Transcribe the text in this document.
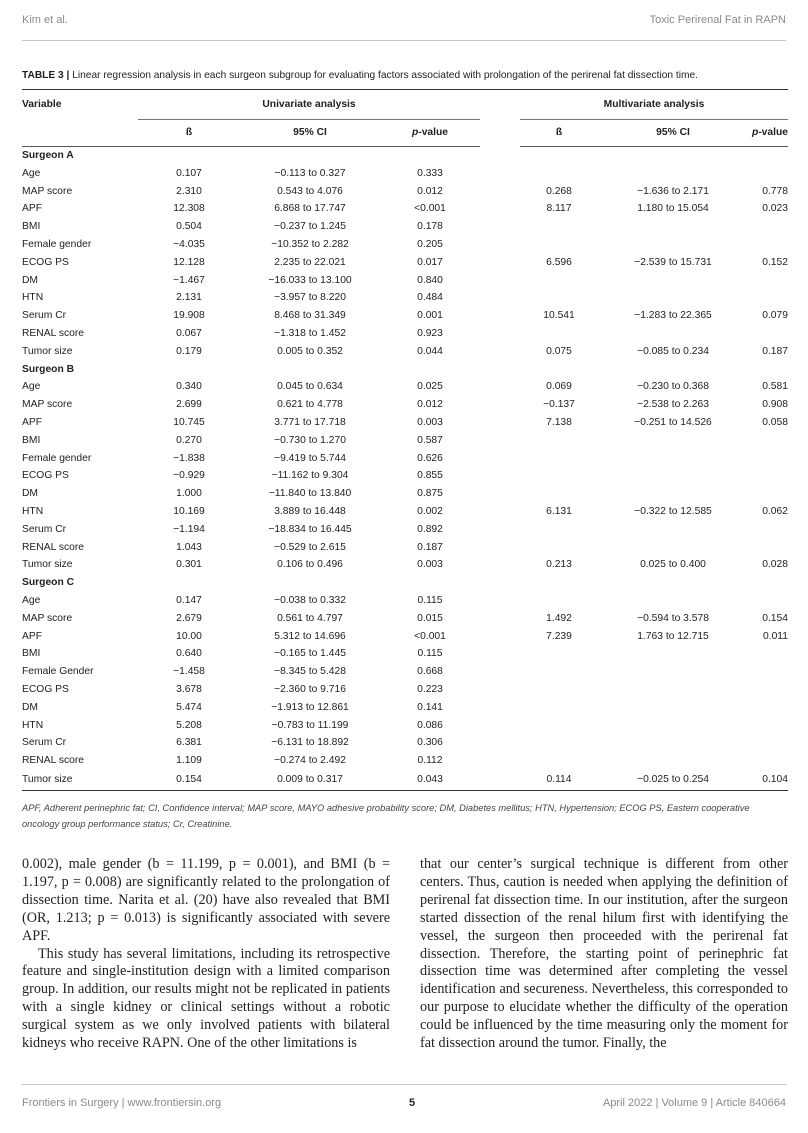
Kim et al.	Toxic Perirenal Fat in RAPN
TABLE 3 | Linear regression analysis in each surgeon subgroup for evaluating factors associated with prolongation of the perirenal fat dissection time.
Variable	Univariate analysis				Multivariate analysis		
	ß	95% CI	p-value		ß	95% CI	p-value
Surgeon A							
Age	0.107	−0.113 to 0.327	0.333				
MAP score	2.310	0.543 to 4.076	0.012		0.268	−1.636 to 2.171	0.778
APF	12.308	6.868 to 17.747	<0.001		8.117	1.180 to 15.054	0.023
BMI	0.504	−0.237 to 1.245	0.178				
Female gender	−4.035	−10.352 to 2.282	0.205				
ECOG PS	12.128	2.235 to 22.021	0.017		6.596	−2.539 to 15.731	0.152
DM	−1.467	−16.033 to 13.100	0.840				
HTN	2.131	−3.957 to 8.220	0.484				
Serum Cr	19.908	8.468 to 31.349	0.001		10.541	−1.283 to 22.365	0.079
RENAL score	0.067	−1.318 to 1.452	0.923				
Tumor size	0.179	0.005 to 0.352	0.044		0.075	−0.085 to 0.234	0.187
Surgeon B							
Age	0.340	0.045 to 0.634	0.025		0.069	−0.230 to 0.368	0.581
MAP score	2.699	0.621 to 4.778	0.012		−0.137	−2.538 to 2.263	0.908
APF	10.745	3.771 to 17.718	0.003		7.138	−0.251 to 14.526	0.058
BMI	0.270	−0.730 to 1.270	0.587				
Female gender	−1.838	−9.419 to 5.744	0.626				
ECOG PS	−0.929	−11.162 to 9.304	0.855				
DM	1.000	−11.840 to 13.840	0.875				
HTN	10.169	3.889 to 16.448	0.002		6.131	−0.322 to 12.585	0.062
Serum Cr	−1.194	−18.834 to 16.445	0.892				
RENAL score	1.043	−0.529 to 2.615	0.187				
Tumor size	0.301	0.106 to 0.496	0.003		0.213	0.025 to 0.400	0.028
Surgeon C							
Age	0.147	−0.038 to 0.332	0.115				
MAP score	2.679	0.561 to 4.797	0.015		1.492	−0.594 to 3.578	0.154
APF	10.00	5.312 to 14.696	<0.001		7.239	1.763 to 12.715	0.011
BMI	0.640	−0.165 to 1.445	0.115				
Female Gender	−1.458	−8.345 to 5.428	0.668				
ECOG PS	3.678	−2.360 to 9.716	0.223				
DM	5.474	−1.913 to 12.861	0.141				
HTN	5.208	−0.783 to 11.199	0.086				
Serum Cr	6.381	−6.131 to 18.892	0.306				
RENAL score	1.109	−0.274 to 2.492	0.112				
Tumor size	0.154	0.009 to 0.317	0.043		0.114	−0.025 to 0.254	0.104
APF, Adherent perinephric fat; CI, Confidence interval; MAP score, MAYO adhesive probability score; DM, Diabetes mellitus; HTN, Hypertension; ECOG PS, Eastern cooperative oncology group performance status; Cr, Creatinine.

0.002), male gender (b = 11.199, p = 0.001), and BMI (b = 1.197, p = 0.008) are significantly related to the prolongation of dissection time. Narita et al. (20) have also revealed that BMI (OR, 1.213; p = 0.013) is significantly associated with severe APF.

This study has several limitations, including its retrospective feature and single-institution design with a limited comparison group. In addition, our results might not be replicated in patients with a single kidney or clinical settings without a robotic surgical system as we only involved patients with bilateral kidneys who receive RAPN. One of the other limitations is

that our center’s surgical technique is different from other centers. Thus, caution is needed when applying the definition of perirenal fat dissection time. In our institution, after the surgeon started dissection of the renal hilum first with identifying the vessel, the surgeon then proceeded with the perirenal fat dissection. Therefore, the starting point of perinephric fat dissection time was determined after completing the vessel identification and secureness. Nevertheless, this corresponded to our purpose to elucidate whether the difficulty of the operation could be influenced by the time measuring only the moment for fat dissection around the tumor. Finally, the

Frontiers in Surgery | www.frontiersin.org	5	April 2022 | Volume 9 | Article 840664
